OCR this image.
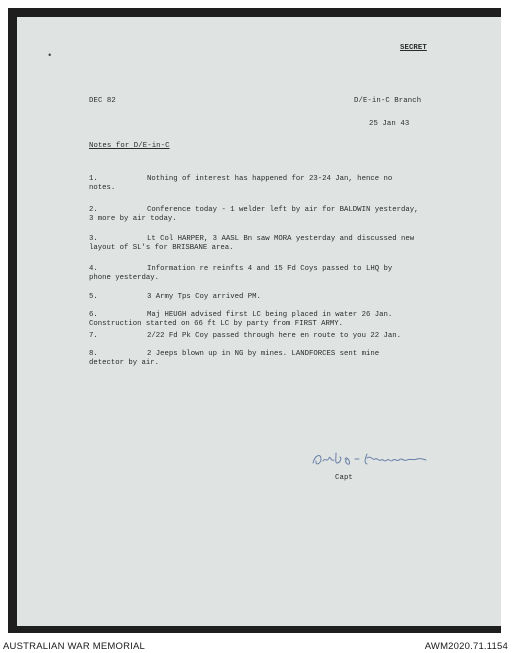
•
SECRET
DEC 82	D/E-in-C Branch
25 Jan 43
Notes for D/E-in-C
1.	Nothing of interest has happened for 23-24 Jan, hence no
notes.
2.	Conference today - 1 welder left by air for BALDWIN yesterday,
3 more by air today.
3.	Lt Col HARPER, 3 AASL Bn saw MORA yesterday and discussed new
layout of SL's for BRISBANE area.
4.	Information re reinfts 4 and 15 Fd Coys passed to LHQ by
phone yesterday.
5.	3 Army Tps Coy arrived PM.
6.	Maj HEUGH advised first LC being placed in water 26 Jan.
Construction started on 66 ft LC by party from FIRST ARMY.
7.	2/22 Fd Pk Coy passed through here en route to you 22 Jan.
8.	2 Jeeps blown up in NG by mines. LANDFORCES sent mine
detector by air.
Capt
AUSTRALIAN WAR MEMORIAL	AWM2020.71.1154
